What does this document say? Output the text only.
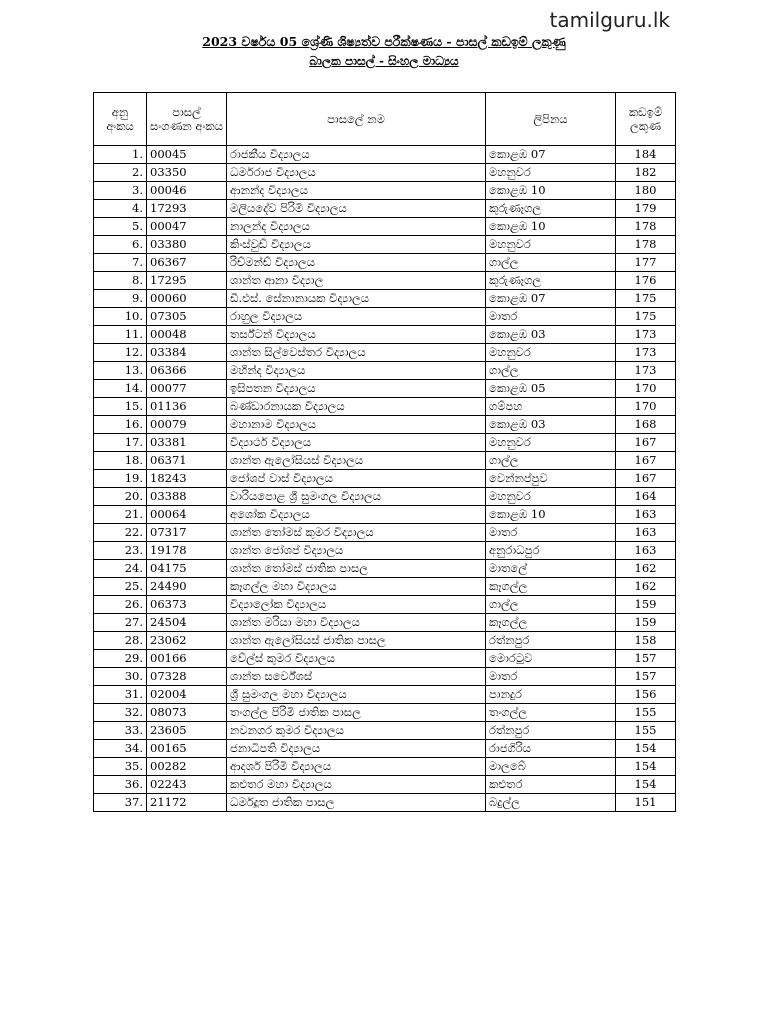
tamilguru.lk
2023 වර්ෂය 05 ශ්‍රේණි ශිෂ්‍යත්ව පරීක්ෂණය - පාසල් කඩඉම් ලකුණු
බාලක පාසල් - සිංහල මාධ්‍යය
අනු අංකය	පාසල් සංගණන අංකය	පාසලේ නම	ලිපිනය	කඩඉම් ලකුණ
1.	00045	රාජකීය විද්‍යාලය	කොළඹ 07	184
2.	03350	ධර්මරාජ විද්‍යාලය	මහනුවර	182
3.	00046	ආනන්ද විද්‍යාලය	කොළඹ 10	180
4.	17293	මලියදේව පිරිමි විද්‍යාලය	කුරුණෑගල	179
5.	00047	නාලන්ද විද්‍යාලය	කොළඹ 10	178
6.	03380	කිංස්වුඩ් විද්‍යාලය	මහනුවර	178
7.	06367	රිච්මන්ඩ් විද්‍යාලය	ගාල්ල	177
8.	17295	ශාන්ත ආනා විද්‍යාල	කුරුණෑගල	176
9.	00060	ඩී.එස්. සේනානායක විද්‍යාලය	කොළඹ 07	175
10.	07305	රාහුල විද්‍යාලය	මාතර	175
11.	00048	තර්ස්ටන් විද්‍යාලය	කොළඹ 03	173
12.	03384	ශාන්ත සිල්වෙස්තර විද්‍යාලය	මහනුවර	173
13.	06366	මහින්ද විද්‍යාලය	ගාල්ල	173
14.	00077	ඉසිපතන විද්‍යාලය	කොළඹ 05	170
15.	01136	බණ්ඩාරනායක විද්‍යාලය	ගම්පහ	170
16.	00079	මහානාම විද්‍යාලය	කොළඹ 03	168
17.	03381	විද්‍යාර්ථ විද්‍යාලය	මහනුවර	167
18.	06371	ශාන්ත ඇලෝසියස් විද්‍යාලය	ගාල්ල	167
19.	18243	ජෝශප් වාස් විද්‍යාලය	වෙන්නප්පුව	167
20.	03388	වාරියපොළ ශ්‍රී සුමංගල විද්‍යාලය	මහනුවර	164
21.	00064	අශෝක විද්‍යාලය	කොළඹ 10	163
22.	07317	ශාන්ත තෝමස් කුමර විද්‍යාලය	මාතර	163
23.	19178	ශාන්ත ජෝශප් විද්‍යාලය	අනුරාධපුර	163
24.	04175	ශාන්ත තෝමස් ජාතික පාසල	මාතලේ	162
25.	24490	කෑගල්ල මහා විද්‍යාලය	කෑගල්ල	162
26.	06373	විද්‍යාලෝක විද්‍යාලය	ගාල්ල	159
27.	24504	ශාන්ත මරියා මහා විද්‍යාලය	කෑගල්ල	159
28.	23062	ශාන්ත ඇලෝසියස් ජාතික පාසල	රත්නපුර	158
29.	00166	වේල්ස් කුමර විද්‍යාලය	මොරටුව	157
30.	07328	ශාන්ත සර්වේශස්	මාතර	157
31.	02004	ශ්‍රී සුමංගල මහා විද්‍යාලය	පානදුර	156
32.	08073	තංගල්ල පිරිමි ජාතික පාසල	තංගල්ල	155
33.	23605	නවනගර කුමර විද්‍යාලය	රත්නපුර	155
34.	00165	ජනාධිපති විද්‍යාලය	රාජගිරිය	154
35.	00282	ආදර්ශ පිරිමි විද්‍යාලය	මාලබේ	154
36.	02243	කළුතර මහා විද්‍යාලය	කළුතර	154
37.	21172	ධර්මදූත ජාතික පාසල	බදුල්ල	151
